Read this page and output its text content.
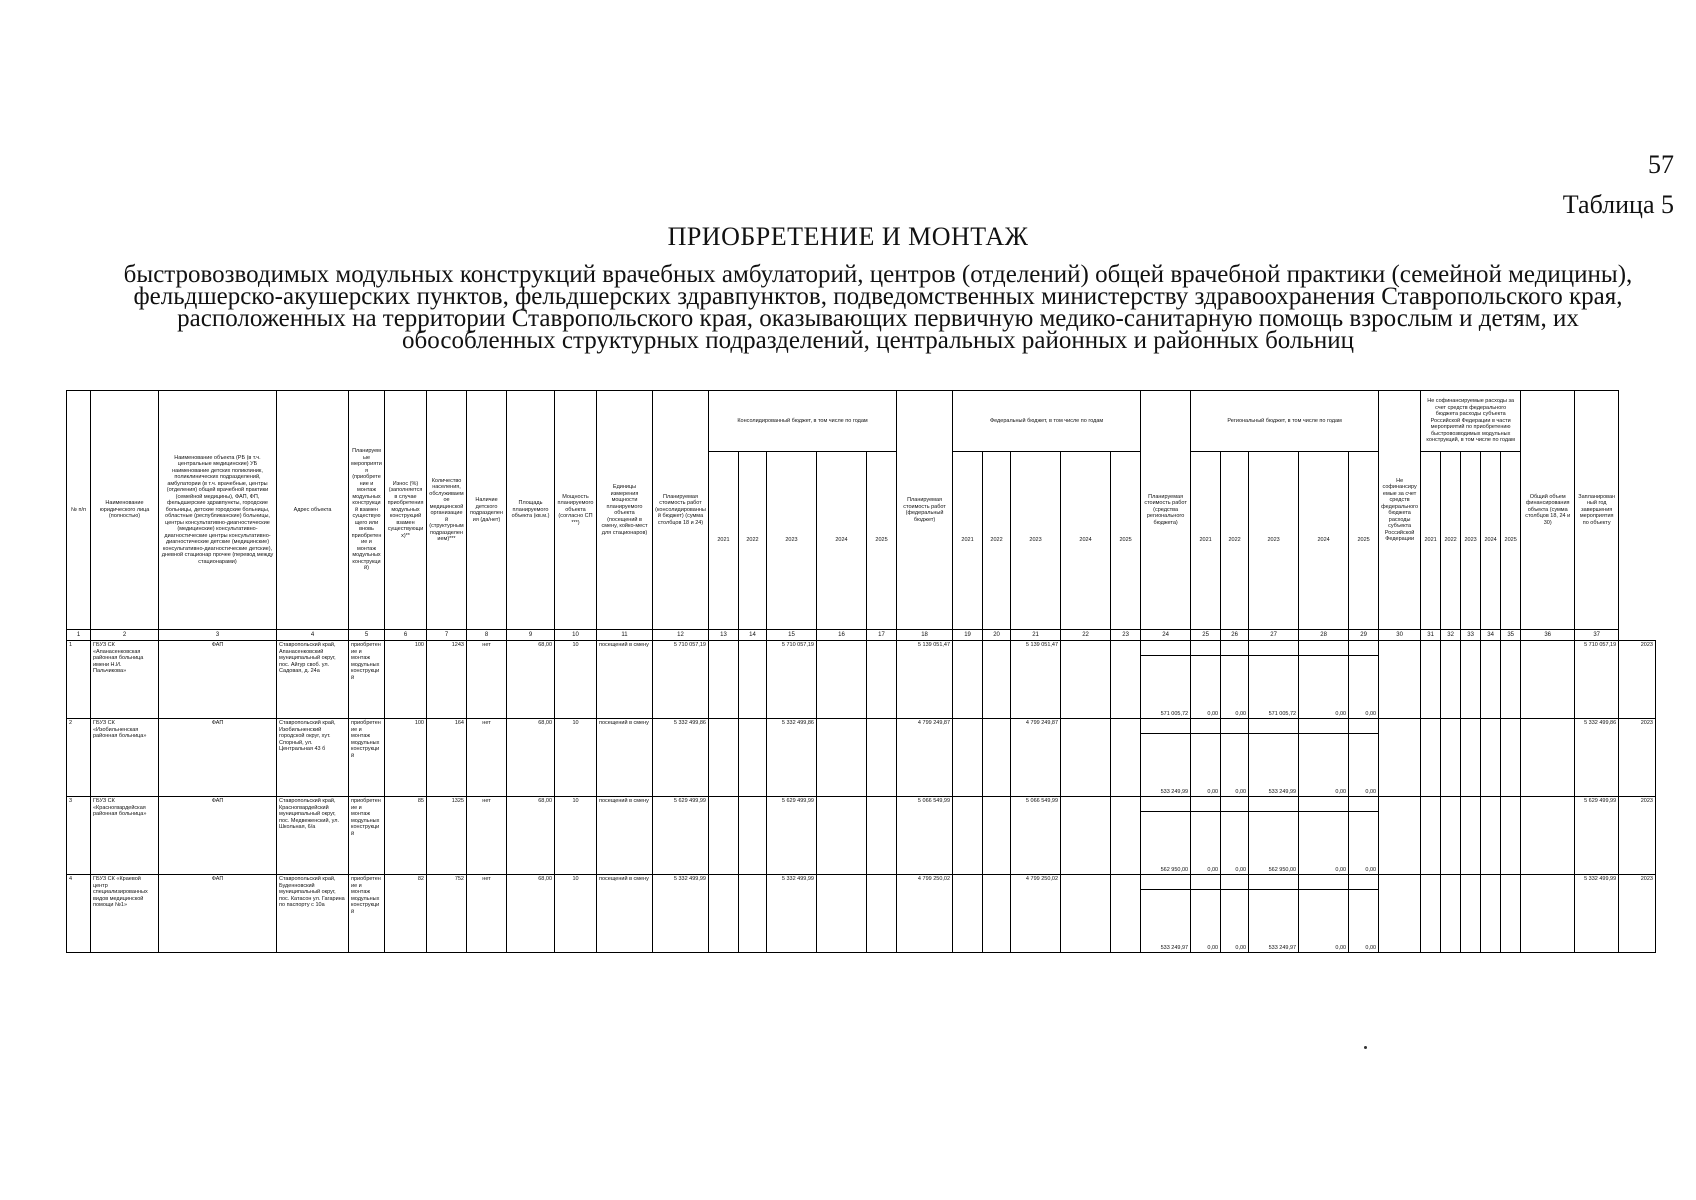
57
Таблица 5
ПРИОБРЕТЕНИЕ И МОНТАЖ
быстровозводимых модульных конструкций врачебных амбулаторий, центров (отделений) общей врачебной практики (семейной медицины), фельдшерско-акушерских пунктов, фельдшерских здравпунктов, подведомственных министерству здравоохранения Ставропольского края, расположенных на территории Ставропольского края, оказывающих первичную медико-санитарную помощь взрослым и детям, их обособленных структурных подразделений, центральных районных и районных больниц
№ п/п	Наименование юридического лица (полностью)	Наименование объекта (РБ (в т.ч. центральные медицинские) УБ наименование детских поликлиник, поликлинических подразделений, амбулатории (в т.ч. врачебные, центры (отделения) общей врачебной практики (семейной медицины), ФАП, ФП, фельдшерские здравпункты, городские больницы, детские городские больницы, областные (республиканские) больницы, центры консультативно-диагностические (медицинские) консультативно-диагностические центры консультативно-диагностические детские (медицинские) консультативно-диагностические детские), дневной стационар прочее (перевод между стационарами)	Адрес объекта	Планируемые мероприятия (приобретение и монтаж модульных конструкций взамен существующего или вновь приобретение и монтаж модульных конструкций)	Износ (%) (заполняется в случае приобретения модульных конструкций взамен существующих)**	Количество населения, обслуживаемое медицинской организацией (структурным подразделением)***	Наличие детского подразделения (да/нет)	Площадь планируемого объекта (кв.м.)	Мощность планируемого объекта (согласно СП ***)	Единицы измерения мощности планируемого объекта (посещений в смену, койко-мест для стационаров)	Планируемая стоимость работ (консолидированный бюджет) (сумма столбцов 18 и 24)	Консолидированный бюджет, в том числе по годам					Планируемая стоимость работ (федеральный бюджет)	Федеральный бюджет, в том числе по годам					Планируемая стоимость работ (средства регионального бюджета)	Региональный бюджет, в том числе по годам					Не софинансируемые за счет средств федерального бюджета расходы субъекта Российской Федерации	Не софинансируемые расходы за счет средств федерального бюджета расходы субъекта Российской Федерации в части мероприятий по приобретению быстровозводимых модульных конструкций, в том числе по годам					Общий объем финансирования объекта (сумма столбцов 18, 24 и 30)	Запланированный год завершения мероприятия по объекту	
												2021	2022	2023	2024	2025		2021	2022	2023	2024	2025		2021	2022	2023	2024	2025		2021	2022	2023	2024	2025			
1	2	3	4	5	6	7	8	9	10	11	12	13	14	15	16	17	18	19	20	21	22	23	24	25	26	27	28	29	30	31	32	33	34	35	36	37	
1	ГБУЗ СК «Апанасенковская районная больница имени Н.И. Пальчикова»	ФАП	Ставропольский край, Апанасенковский муниципальный округ, пос. Айгур своб. ул. Садовая, д. 24а	приобретение и монтаж модульных конструкций	100	1243	нет	68,00	10	посещений в смену	5 710 057,19			5 710 057,19			5 139 051,47			5 139 051,47																5 710 057,19	2023
																							571 005,72	0,00	0,00	571 005,72	0,00	0,00									
2	ГБУЗ СК «Изобильненская районная больница»	ФАП	Ставропольский край, Изобильненский городской округ, хут. Спорный, ул. Центральная 43 б	приобретение и монтаж модульных конструкций	100	164	нет	68,00	10	посещений в смену	5 332 499,86			5 332 499,86			4 799 249,87			4 799 249,87																5 332 499,86	2023
																							533 249,99	0,00	0,00	533 249,99	0,00	0,00									
3	ГБУЗ СК «Красногвардейская районная больница»	ФАП	Ставропольский край, Красногвардейский муниципальный округ, пос. Медвеженский, ул. Школьная, 6/а	приобретение и монтаж модульных конструкций	85	1325	нет	68,00	10	посещений в смену	5 629 499,99			5 629 499,99			5 066 549,99			5 066 549,99																5 629 499,99	2023
																							562 950,00	0,00	0,00	562 950,00	0,00	0,00									
4	ГБУЗ СК «Краевой центр специализированных видов медицинской помощи №1»	ФАП	Ставропольский край, Буденновский муниципальный округ, пос. Катасон ул. Гагарина по паспорту с 10а	приобретение и монтаж модульных конструкций	82	752	нет	68,00	10	посещений в смену	5 332 499,99			5 332 499,99			4 799 250,02			4 799 250,02																5 332 499,99	2023
																							533 249,97	0,00	0,00	533 249,97	0,00	0,00									
